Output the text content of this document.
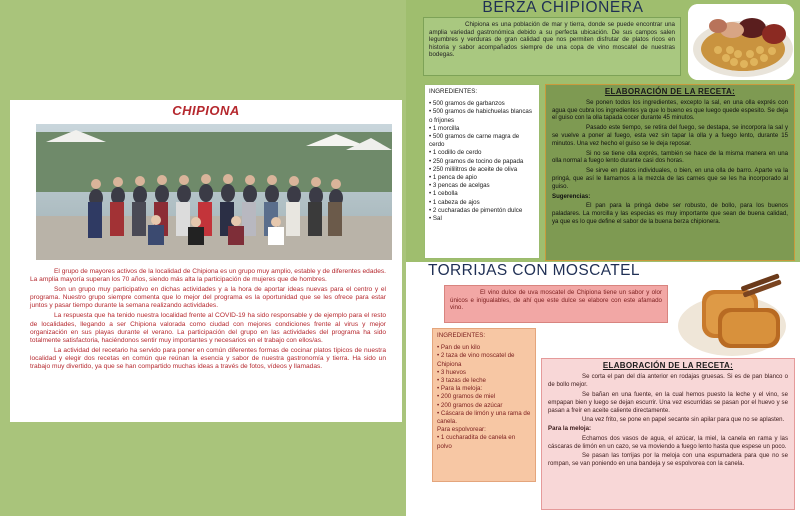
CHIPIONA

El grupo de mayores activos de la localidad de Chipiona es un grupo muy amplio, estable y de diferentes edades. La amplia mayoría superan los 70 años, siendo más alta la participación de mujeres que de hombres.

Son un grupo muy participativo en dichas actividades y a la hora de aportar ideas nuevas para el centro y el programa. Nuestro grupo siempre comenta que lo mejor del programa es la oportunidad que se les ofrece para estar juntos y pasar tiempo durante la semana realizando actividades.

La respuesta que ha tenido nuestra localidad frente al COVID-19 ha sido responsable y de ejemplo para el resto de localidades, llegando a ser Chipiona valorada como ciudad con mejores condiciones frente al virus y mejor organización en sus playas durante el verano. La participación del grupo en las actividades del programa ha sido totalmente satisfactoria, haciéndonos sentir muy importantes y necesarios en el trabajo con ellos/as.

La actividad del recetario ha servido para poner en común diferentes formas de cocinar platos típicos de nuestra localidad y elegir dos recetas en común que reúnan la esencia y sabor de nuestra gastronomía y tierra. Ha sido un trabajo muy divertido, ya que se han compartido muchas ideas a través de fotos, vídeos y llamadas.

BERZA CHIPIONERA
Chipiona es una población de mar y tierra, donde se puede encontrar una amplia variedad gastronómica debido a su perfecta ubicación. De sus campos salen legumbres y verduras de gran calidad que nos permiten disfrutar de platos ricos en historia y sabor acompañados siempre de una copa de vino moscatel de nuestras bodegas.
INGREDIENTES:
• 500 gramos de garbanzos
• 500 gramos de habichuelas blancas o frijones
• 1 morcilla
• 500 gramos de carne magra de cerdo
• 1 codillo de cerdo
• 250 gramos de tocino de papada
• 250 mililitros de aceite de oliva
• 1 penca de apio
• 3 pencas de acelgas
• 1 cebolla
• 1 cabeza de ajos
• 2 cucharadas de pimentón dulce
• Sal
ELABORACIÓN DE LA RECETA:

Se ponen todos los ingredientes, excepto la sal, en una olla exprés con agua que cubra los ingredientes ya que lo bueno es que luego quede espesito. Se deja el guiso con la olla tapada cocer durante 45 minutos.

Pasado este tiempo, se retira del fuego, se destapa, se incorpora la sal y se vuelve a poner al fuego, esta vez sin tapar la olla y a fuego lento, durante 15 minutos. Una vez hecho el guiso se le deja reposar.

Si no se tiene olla exprés, también se hace de la misma manera en una olla normal a fuego lento durante casi dos horas.

Se sirve en platos individuales, o bien, en una olla de barro. Aparte va la pringá, que así le llamamos a la mezcla de las carnes que se les ha incorporado al guiso.

Sugerencias:

El pan para la pringá debe ser robusto, de bollo, para los buenos paladares. La morcilla y las especias es muy importante que sean de buena calidad, ya que es lo que define el sabor de la buena berza chipionera.

TORRIJAS CON MOSCATEL
El vino dulce de uva moscatel de Chipiona tiene un sabor y olor únicos e inigualables, de ahí que este dulce se elabore con este afamado vino.
INGREDIENTES:
• Pan de un kilo
• 2 taza de vino moscatel de Chipiona
• 3 huevos
• 3 tazas de leche
• Para la meloja:
• 200 gramos de miel
• 200 gramos de azúcar
• Cáscara de limón y una rama de canela.
Para espolvorear:
• 1 cucharadita de canela en polvo
ELABORACIÓN DE LA RECETA:

Se corta el pan del día anterior en rodajas gruesas. Si es de pan blanco o de bollo mejor.

Se bañan en una fuente, en la cual hemos puesto la leche y el vino, se empapan bien y luego se dejan escurrir. Una vez escurridas se pasan por el huevo y se pasan a freír en aceite caliente directamente.

Una vez frito, se pone en papel secante sin apilar para que no se aplasten.

Para la meloja:

Echamos dos vasos de agua, el azúcar, la miel, la canela en rama y las cáscaras de limón en un cazo, se va moviendo a fuego lento hasta que espese un poco.

Se pasan las torrijas por la meloja con una espumadera para que no se rompan, se van poniendo en una bandeja y se espolvorea con la canela.
